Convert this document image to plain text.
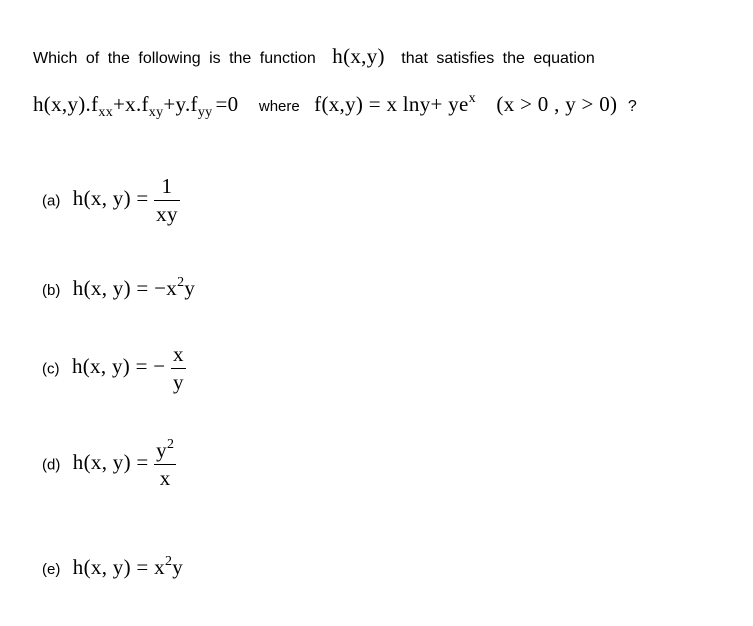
Which of the following is the function h(x,y) that satisfies the equation
$h(x,y).f_{xx}+x.f_{xy}+y.f_{yy} =0$ where f(x,y) = x $\ln y+ ye^x$ (x > 0 , y > 0) ?
(a) h(x, $y) = \frac{1}{xy}$
(b) h(x, $y) = -x^2y$
(c) h(x, y) = − $\frac{x}{y}$
(d) h(x, $y) = \frac{y^2}{x}$
(e) h(x, $y) = x^2y$
